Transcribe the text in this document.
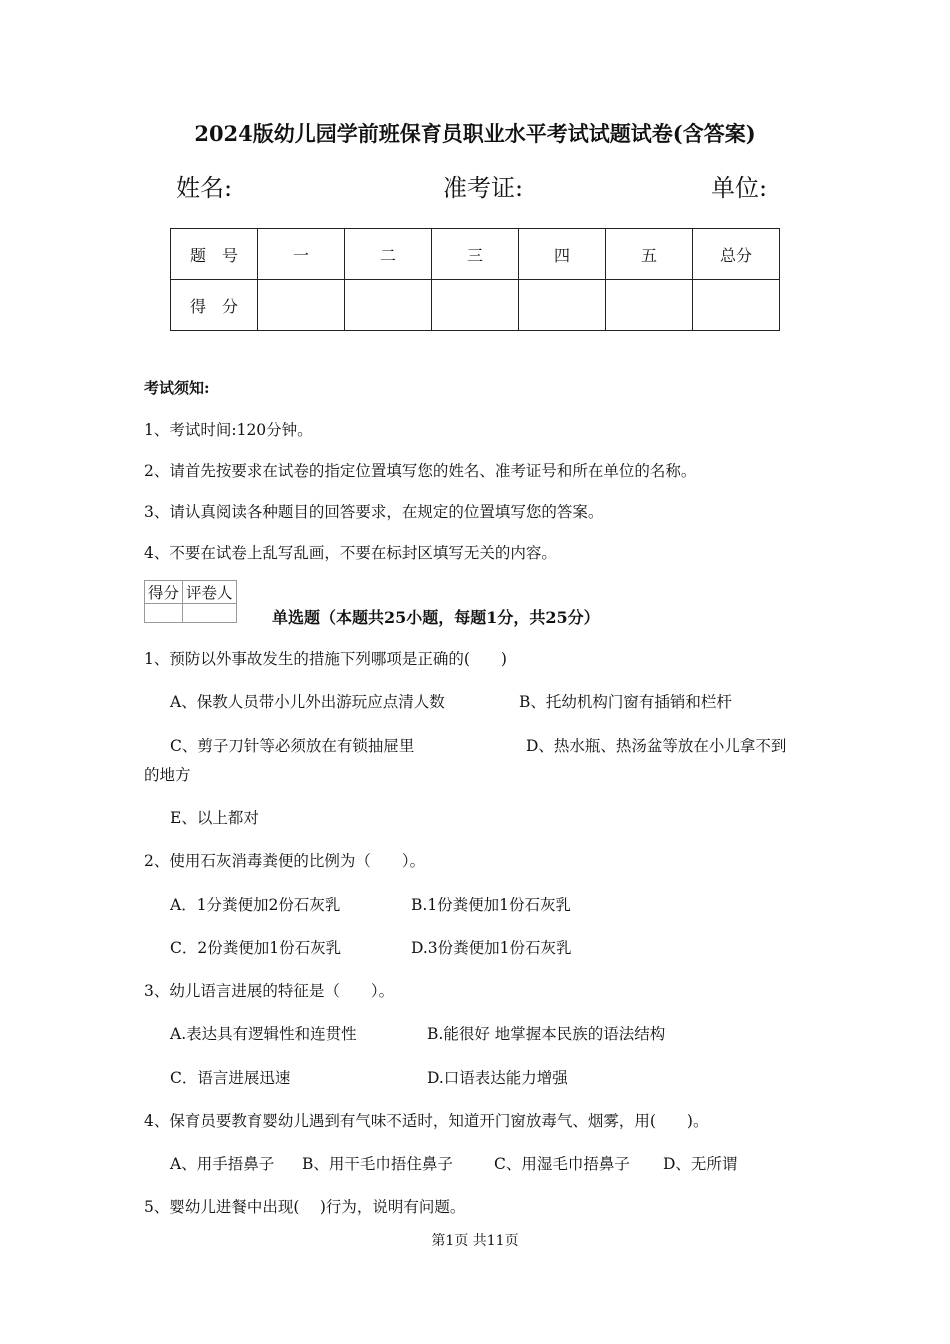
2024版幼儿园学前班保育员职业水平考试试题试卷(含答案)
姓名:	准考证:	单位:
题　号	一	二	三	四	五	总分
得　分						
考试须知:
1、考试时间:120分钟。
2、请首先按要求在试卷的指定位置填写您的姓名、准考证号和所在单位的名称。
3、请认真阅读各种题目的回答要求，在规定的位置填写您的答案。
4、不要在试卷上乱写乱画，不要在标封区填写无关的内容。
得分	评卷人

单选题（本题共25小题，每题1分，共25分）
1、预防以外事故发生的措施下列哪项是正确的(　　)
A、保教人员带小儿外出游玩应点清人数	B、托幼机构门窗有插销和栏杆
C、剪子刀针等必须放在有锁抽屉里	D、热水瓶、热汤盆等放在小儿拿不到
的地方
E、以上都对
2、使用石灰消毒粪便的比例为（　　）。
A．1分粪便加2份石灰乳	B.1份粪便加1份石灰乳
C．2份粪便加1份石灰乳	D.3份粪便加1份石灰乳
3、幼儿语言进展的特征是（　　）。
A.表达具有逻辑性和连贯性	B.能很好 地掌握本民族的语法结构
C．语言进展迅速	D.口语表达能力增强
4、保育员要教育婴幼儿遇到有气味不适时，知道开门窗放毒气、烟雾，用(　　)。
A、用手捂鼻子 B、用干毛巾捂住鼻子	C、用湿毛巾捂鼻子 D、无所谓
5、婴幼儿进餐中出现(　 )行为，说明有问题。
第1页 共11页
